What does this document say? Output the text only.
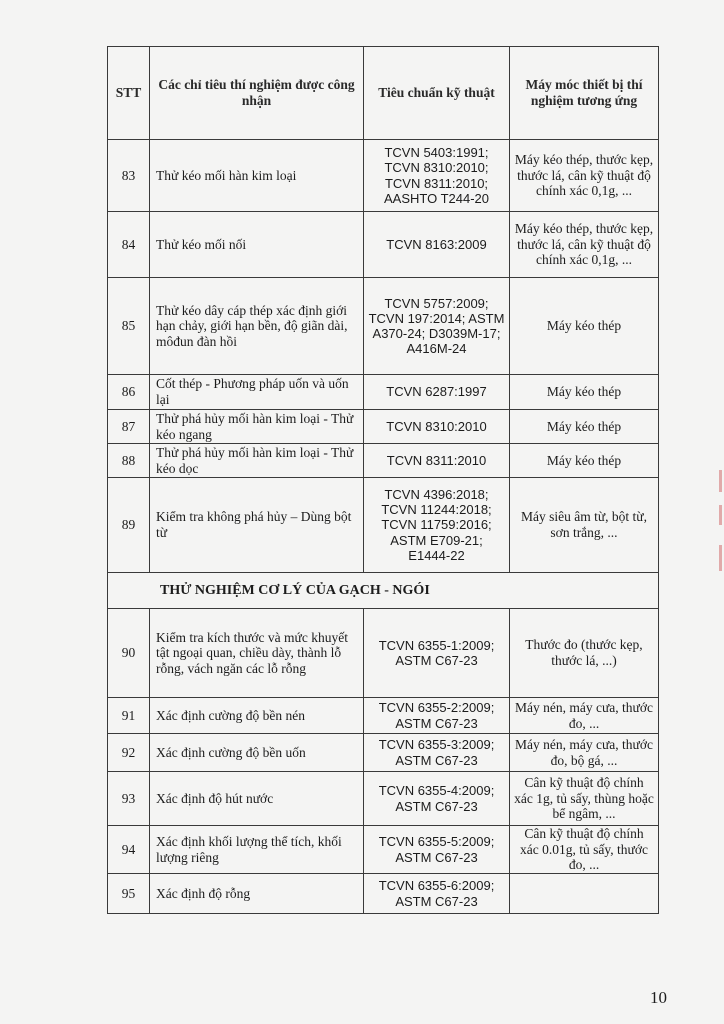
STT	Các chỉ tiêu thí nghiệm được công nhận	Tiêu chuẩn kỹ thuật	Máy móc thiết bị thí nghiệm tương ứng
83	Thử kéo mối hàn kim loại	TCVN 5403:1991; TCVN 8310:2010; TCVN 8311:2010; AASHTO T244-20	Máy kéo thép, thước kẹp, thước lá, cân kỹ thuật độ chính xác 0,1g, ...
84	Thử kéo mối nối	TCVN 8163:2009	Máy kéo thép, thước kẹp, thước lá, cân kỹ thuật độ chính xác 0,1g, ...
85	Thử kéo dây cáp thép xác định giới hạn chảy, giới hạn bền, độ giãn dài, môđun đàn hồi	TCVN 5757:2009; TCVN 197:2014; ASTM A370-24; D3039M-17; A416M-24	Máy kéo thép
86	Cốt thép - Phương pháp uốn và uốn lại	TCVN 6287:1997	Máy kéo thép
87	Thử phá hủy mối hàn kim loại - Thử kéo ngang	TCVN 8310:2010	Máy kéo thép
88	Thử phá hủy mối hàn kim loại - Thử kéo dọc	TCVN 8311:2010	Máy kéo thép
89	Kiểm tra không phá hủy – Dùng bột từ	TCVN 4396:2018; TCVN 11244:2018; TCVN 11759:2016; ASTM E709-21; E1444-22	Máy siêu âm từ, bột từ, sơn trắng, ...
THỬ NGHIỆM CƠ LÝ CỦA GẠCH - NGÓI			
90	Kiểm tra kích thước và mức khuyết tật ngoại quan, chiều dày, thành lỗ rỗng, vách ngăn các lỗ rỗng	TCVN 6355-1:2009; ASTM C67-23	Thước đo (thước kẹp, thước lá, ...)
91	Xác định cường độ bền nén	TCVN 6355-2:2009; ASTM C67-23	Máy nén, máy cưa, thước đo, ...
92	Xác định cường độ bền uốn	TCVN 6355-3:2009; ASTM C67-23	Máy nén, máy cưa, thước đo, bộ gá, ...
93	Xác định độ hút nước	TCVN 6355-4:2009; ASTM C67-23	Cân kỹ thuật độ chính xác 1g, tủ sấy, thùng hoặc bể ngâm, ...
94	Xác định khối lượng thể tích, khối lượng riêng	TCVN 6355-5:2009; ASTM C67-23	Cân kỹ thuật độ chính xác 0.01g, tủ sấy, thước đo, ...
95	Xác định độ rỗng	TCVN 6355-6:2009; ASTM C67-23	
10
